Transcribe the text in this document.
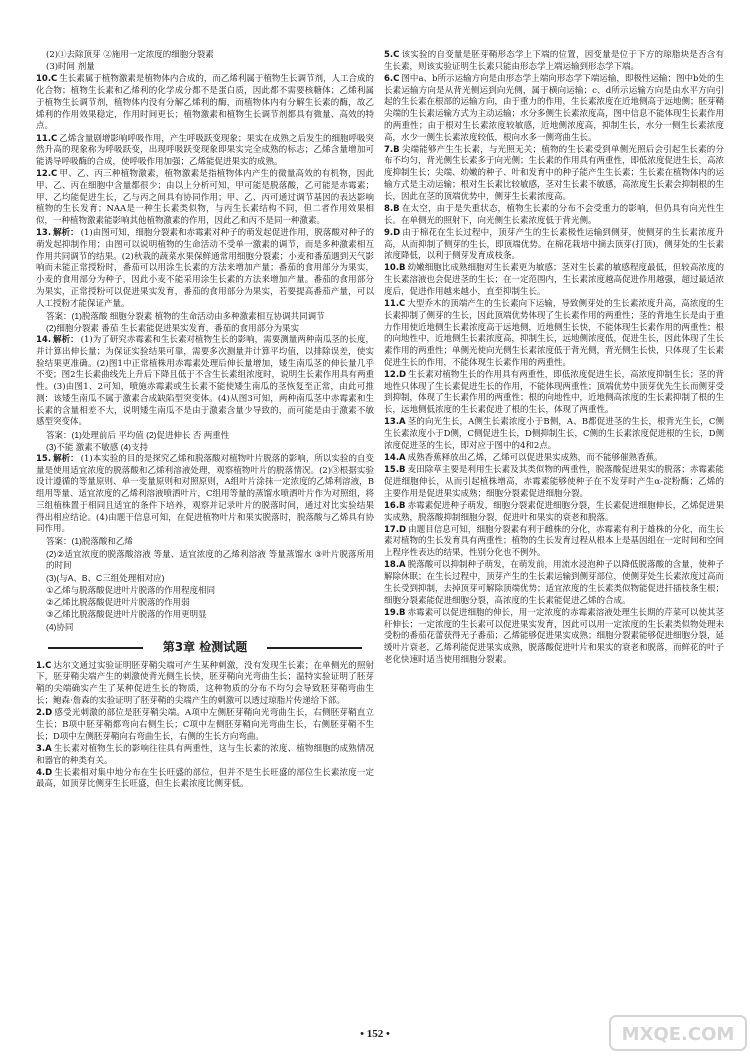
(2)①去除顶芽 ②施用一定浓度的细胞分裂素

(3)时间 剂量

10.C 生长素属于植物激素是植物体内合成的，而乙烯利属于植物生长调节剂，人工合成的化合物；植物生长素和乙烯利的化学成分都不是蛋白质，因此都不需要核糖体；乙烯利属于植物生长调节剂，植物体内没有分解乙烯利的酶，而植物体内有分解生长素的酶，故乙烯利的作用效果稳定，作用时间更长；植物激素和植物生长调节剂都具有微量、高效的特点。

11.C 乙烯含量剧增影响呼吸作用，产生呼吸跃变现象；果实在成熟之后发生的细胞呼吸突然升高的现象称为呼吸跃变，出现呼吸跃变现象即果实完全成熟的标志；乙烯含量增加可能诱导呼吸酶的合成，使呼吸作用加强；乙烯能促进果实的成熟。

12.C 甲、乙、丙三种植物激素，植物激素是指植物体内产生的微量高效的有机物，因此甲、乙、丙在细胞中含量都很少；由以上分析可知，甲可能是脱落酸，乙可能是赤霉素；甲、乙均能促进生长，乙与丙之间具有协同作用；甲、乙、丙可通过调节基因的表达影响植物的生长发育；NAA是一种生长素类似物，与丙生长素结构不同，但二者作用效果相似，一种植物激素能影响其他植物激素的作用，因此乙和丙不是同一种激素。

13. 解析： (1)由图可知，细胞分裂素和赤霉素对种子的萌发起促进作用，脱落酸对种子的萌发起抑制作用；由图可以说明植物的生命活动不受单一激素的调节，而是多种激素相互作用共同调节的结果。(2)秋栽的蔬菜水果保鲜通常用细胞分裂素；小麦和番茄遇到天气影响而未能正常授粉时，番茄可以用涂生长素的方法来增加产量；番茄的食用部分为果实，小麦的食用部分为种子，因此小麦不能采用涂生长素的方法来增加产量。番茄的食用部分为果实，正常授粉可以促进果实发育，番茄的食用部分为果实，若要提高番茄产量，可以人工授粉才能保证产量。

答案：(1)脱落酸 细胞分裂素 植物的生命活动由多种激素相互协调共同调节

(2)细胞分裂素 番茄 生长素能促进果实发育，番茄的食用部分为果实

14. 解析： (1)为了研究赤霉素和生长素对植物生长的影响，需要测量两种南瓜茎的长度，并计算出伸长量；为保证实验结果可靠，需要多次测量并计算平均值，以排除误差，使实验结果更准确。(2)图1中正常植株用赤霉素处理后伸长量增加，矮生南瓜茎的伸长量几乎不变；图2生长素曲线先上升后下降且低于不含生长素组浓度时，说明生长素作用具有两重性。(3)由图1、2可知，喷施赤霉素或生长素不能使矮生南瓜的茎恢复至正常，由此可推测：该矮生南瓜不属于激素合成缺陷型突变体。(4)从图3可知，两种南瓜茎中赤霉素和生长素的含量相差不大，说明矮生南瓜不是由于激素含量少导致的，而可能是由于激素不敏感型突变体。

答案：(1)处理前后 平均值 (2)促进伸长 否 两重性

(3)不能 激素不敏感 (4)支持

15. 解析： (1)本实验的目的是探究乙烯和脱落酸对植物叶片脱落的影响，所以实验的自变量是使用适宜浓度的脱落酸和乙烯利溶液处理，观察植物叶片的脱落情况。(2)③根据实验设计遵循的等量原则、单一变量原则和对照原则，A组叶片涂抹一定浓度的乙烯利溶液，B组用等量、适宜浓度的乙烯利溶液喷洒叶片，C组用等量的蒸馏水喷洒叶片作为对照组，将三组植株置于相同且适宜的条件下培养，观察并记录叶片的脱落时间，通过对比实验结果得出相应结论。(4)由题干信息可知，在促进植物叶片和果实脱落时，脱落酸与乙烯具有协同作用。

答案：(1)脱落酸和乙烯

(2)②适宜浓度的脱落酸溶液 等量、适宜浓度的乙烯利溶液 等量蒸馏水 ③叶片脱落所用的时间

(3)(与A、B、C三组处理相对应)

①乙烯与脱落酸促进叶片脱落的作用程度相同

②乙烯比脱落酸促进叶片脱落的作用弱

③乙烯比脱落酸促进叶片脱落的作用更明显

(4)协同

第3章 检测试题

1.C 达尔文通过实验证明胚芽鞘尖端可产生某种刺激，没有发现生长素；在单侧光的照射下，胚芽鞘尖端产生的刺激使背光侧生长快，胚芽鞘向光弯曲生长；温特实验证明了胚芽鞘的尖端确实产生了某种促进生长的物质，这种物质的分布不均匀会导致胚芽鞘弯曲生长；鲍森·詹森的实验证明了胚芽鞘的尖端产生的刺激可以透过琼脂片传递给下部。

2.D 感受光刺激的部位是胚芽鞘尖端。A项中左侧胚芽鞘向光弯曲生长，右侧胚芽鞘直立生长；B项中胚芽鞘都弯向右侧生长；C项中左侧胚芽鞘向光弯曲生长，右侧胚芽鞘不生长；D项中左侧胚芽鞘向右弯曲生长，右侧的生长方向弯曲。

3.A 生长素对植物生长的影响往往具有两重性，这与生长素的浓度、植物细胞的成熟情况和器官的种类有关。

4.D 生长素相对集中地分布在生长旺盛的部位，但并不是生长旺盛的部位生长素浓度一定最高，如顶芽比侧芽生长旺盛，但生长素浓度比侧芽低。

5.C 该实验的自变量是胚芽鞘形态学上下端的位置，因变量是位于下方的琼脂块是否含有生长素，则该实验证明生长素只能由形态学上端运输到形态学下端。

6.C 图中a、b所示运输方向是由形态学上端向形态学下端运输，即极性运输；图中b处的生长素运输方向是从背光侧运到向光侧，属于横向运输；c、d所示运输方向是由水平方向引起的生长素在根部的运输方向，由于重力的作用，生长素浓度在近地侧高于远地侧；胚芽鞘尖端的生长素运输方式为主动运输；水分多侧生长素浓度高，图中信息不能体现生长素作用的两重性；由于根对生长素浓度较敏感，近地侧浓度高，抑制生长，水分一侧生长素浓度高，水少一侧生长素浓度较低，根向水多一侧弯曲生长。

7.B 尖端能够产生生长素，与光照无关；植物的生长素受到单侧光照后会引起生长素的分布不均匀，背光侧生长素多于向光侧；生长素的作用具有两重性，即低浓度促进生长，高浓度抑制生长；尖端、幼嫩的种子、叶和发育中的种子能产生生长素；生长素在植物体内的运输方式是主动运输；根对生长素比较敏感，茎对生长素不敏感，高浓度生长素会抑制根的生长，因此在茎的顶端优势中，侧芽生长素浓度高。

8.B 在太空，由于是失重状态，植物生长素的分布不会受重力的影响，但仍具有向光性生长。在单侧光的照射下，向光侧生长素浓度低于背光侧。

9.D 由于棉花在生长过程中，顶芽产生的生长素极性运输到侧芽，使侧芽的生长素浓度升高，从而抑制了侧芽的生长，即顶端优势。在棉花栽培中摘去顶芽(打顶)，侧芽处的生长素浓度降低，以利于侧芽发育成枝条。

10.B 幼嫩细胞比成熟细胞对生长素更为敏感；茎对生长素的敏感程度最低，但较高浓度的生长素溶液也会促进茎的生长；在一定范围内，生长素浓度越高促进作用越强，超过最适浓度后，促进作用越来越小，直至抑制生长。

11.C 大型乔木的顶端产生的生长素向下运输，导致侧芽处的生长素浓度升高，高浓度的生长素抑制了侧芽的生长，因此顶端优势体现了生长素作用的两重性；茎的背地生长是由于重力作用使近地侧生长素浓度高于远地侧，近地侧生长快，不能体现生长素作用的两重性；根的向地性中，近地侧生长素浓度高，抑制生长，远地侧浓度低，促进生长，因此体现了生长素作用的两重性；单侧光使向光侧生长素浓度低于背光侧，背光侧生长快，只体现了生长素促进生长的作用，不能体现生长素作用的两重性。

12.D 生长素对植物生长的作用具有两重性，即低浓度促进生长，高浓度抑制生长；茎的背地性只体现了生长素促进生长的作用，不能体现两重性；顶端优势中顶芽优先生长而侧芽受到抑制，体现了生长素作用的两重性；根的向地性中，近地侧高浓度的生长素抑制了根的生长，远地侧低浓度的生长素促进了根的生长，体现了两重性。

13.A 茎的向光生长，A侧生长素浓度小于B侧，A、B都促进茎的生长，根背光生长，C侧生长素浓度小于D侧，C侧促进生长，D侧抑制生长，C侧的生长素浓度促进根的生长，D侧浓度促进茎的生长，即对应于图中的4和2点。

14.A 成熟香蕉释放出乙烯，乙烯可以促进果实成熟，而不能够催熟香蕉。

15.B 麦田除草主要是利用生长素及其类似物的两重性，脱落酸促进果实的脱落；赤霉素能促进细胞伸长，从而引起植株增高，赤霉素能够使种子在不发芽时产生α-淀粉酶；乙烯的主要作用是促进果实成熟；细胞分裂素促进细胞分裂。

16.B 赤霉素促进种子萌发，细胞分裂素促进细胞分裂，生长素促进细胞伸长，乙烯促进果实成熟，脱落酸抑制细胞分裂，促进叶和果实的衰老和脱落。

17.D 由题目信息可知，细胞分裂素有利于雌株的分化，赤霉素有利于雄株的分化，而生长素对植物的生长发育具有两重性；植物的生长发育过程从根本上是基因组在一定时间和空间上程序性表达的结果，性别分化也不例外。

18.A 脱落酸可以抑制种子萌发，在萌发前，用流水浸泡种子以降低脱落酸的含量，使种子解除休眠；在生长过程中，顶芽产生的生长素运输到侧芽部位，使侧芽处生长素浓度过高而生长受到抑制，去掉顶芽可解除顶端优势；适宜浓度的生长素类似物能促进扦插枝条生根；细胞分裂素能促进细胞分裂，高浓度的生长素能促进乙烯的合成。

19.B 赤霉素可以促进细胞的伸长，用一定浓度的赤霉素溶液处理生长期的芹菜可以使其茎秆伸长；一定浓度的生长素可以促进果实发育，因此可以用一定浓度的生长素类似物处理未受粉的番茄花蕾获得无子番茄；乙烯能够促进果实成熟；细胞分裂素能够促进细胞分裂，延缓叶片衰老，乙烯利能促进果实成熟，脱落酸促进叶片和果实的衰老和脱落，而鲜花的叶子老化快速时适当使用细胞分裂素。

• 152 •	MXQE.COM
